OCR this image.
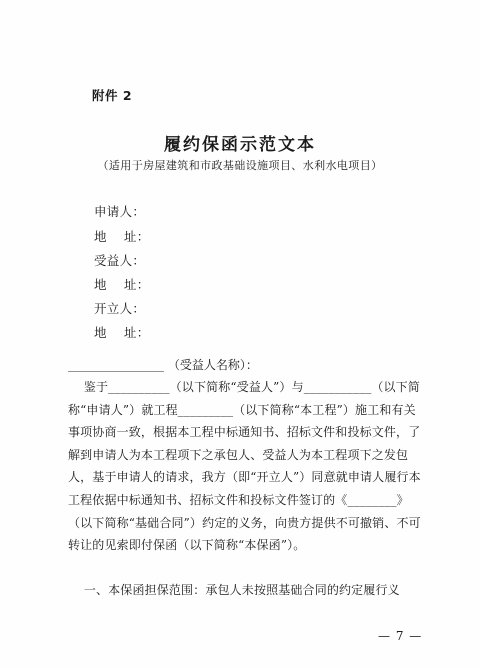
附件 2
履约保函示范文本
（适用于房屋建筑和市政基础设施项目、水利水电项目）
申请人：
地    址：
受益人：
地    址：
开立人：
地    址：
________________ （受益人名称）：
鉴于__________（以下简称“受益人”）与___________（以下简称“申请人”）就工程_________（以下简称“本工程”）施工和有关事项协商一致，根据本工程中标通知书、招标文件和投标文件，了解到申请人为本工程项下之承包人、受益人为本工程项下之发包人，基于申请人的请求，我方（即“开立人”）同意就申请人履行本工程依据中标通知书、招标文件和投标文件签订的《________》（以下简称“基础合同”）约定的义务，向贵方提供不可撤销、不可转让的见索即付保函（以下简称“本保函”）。
一、本保函担保范围：承包人未按照基础合同的约定履行义
— 7 —
